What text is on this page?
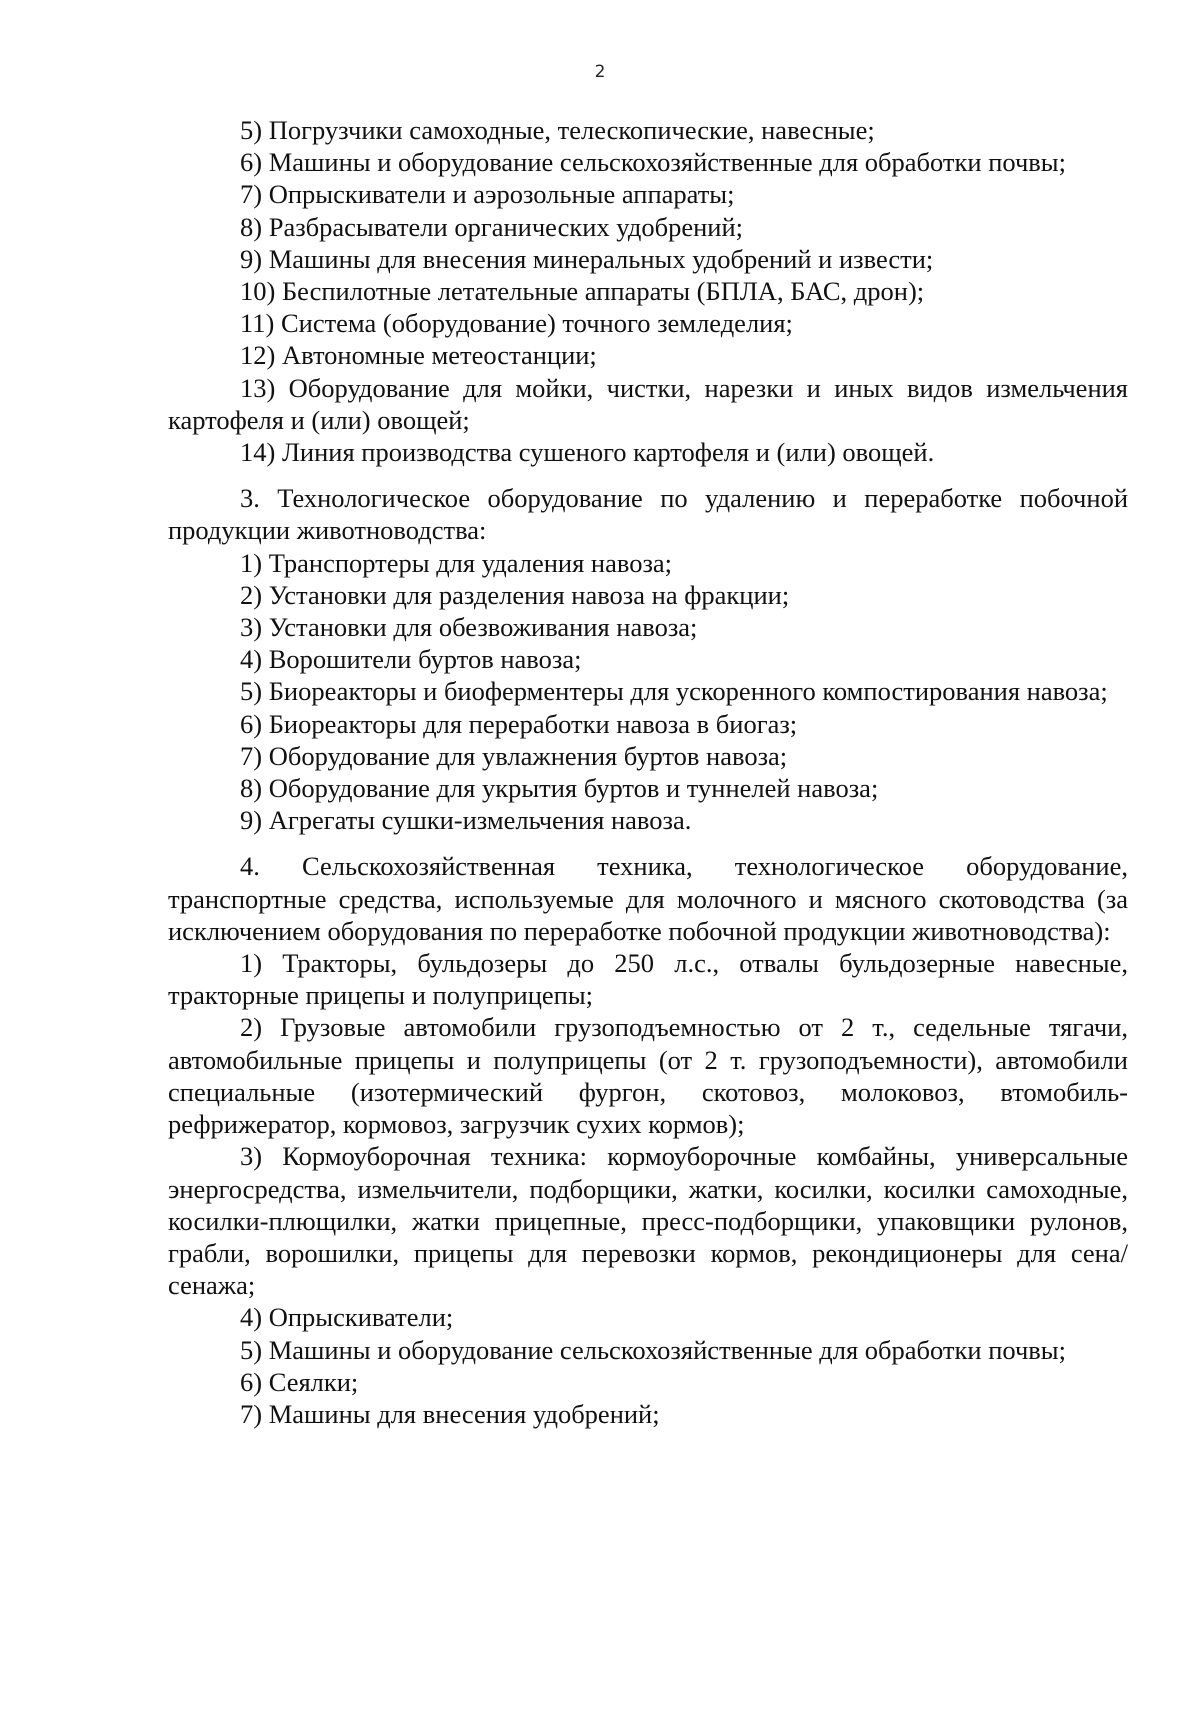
2

5) Погрузчики самоходные, телескопические, навесные;

6) Машины и оборудование сельскохозяйственные для обработки почвы;

7) Опрыскиватели и аэрозольные аппараты;

8) Разбрасыватели органических удобрений;

9) Машины для внесения минеральных удобрений и извести;

10) Беспилотные летательные аппараты (БПЛА, БАС, дрон);

11) Система (оборудование) точного земледелия;

12) Автономные метеостанции;

13) Оборудование для мойки, чистки, нарезки и иных видов измельчения картофеля и (или) овощей;

14) Линия производства сушеного картофеля и (или) овощей.

3. Технологическое оборудование по удалению и переработке побочной продукции животноводства:

1) Транспортеры для удаления навоза;

2) Установки для разделения навоза на фракции;

3) Установки для обезвоживания навоза;

4) Ворошители буртов навоза;

5) Биореакторы и биоферментеры для ускоренного компостирования навоза;

6) Биореакторы для переработки навоза в биогаз;

7) Оборудование для увлажнения буртов навоза;

8) Оборудование для укрытия буртов и туннелей навоза;

9) Агрегаты сушки-измельчения навоза.

4. Сельскохозяйственная техника, технологическое оборудование, транспортные средства, используемые для молочного и мясного скотоводства (за исключением оборудования по переработке побочной продукции животноводства):

1) Тракторы, бульдозеры до 250 л.с., отвалы бульдозерные навесные, тракторные прицепы и полуприцепы;

2) Грузовые автомобили грузоподъемностью от 2 т., седельные тягачи, автомобильные прицепы и полуприцепы (от 2 т. грузоподъемности), автомобили специальные (изотермический фургон, скотовоз, молоковоз, втомобиль-рефрижератор, кормовоз, загрузчик сухих кормов);

3) Кормоуборочная техника: кормоуборочные комбайны, универсальные энергосредства, измельчители, подборщики, жатки, косилки, косилки самоходные, косилки-плющилки, жатки прицепные, пресс-подборщики, упаковщики рулонов, грабли, ворошилки, прицепы для перевозки кормов, рекондиционеры для сена/сенажа;

4) Опрыскиватели;

5) Машины и оборудование сельскохозяйственные для обработки почвы;

6) Сеялки;

7) Машины для внесения удобрений;
